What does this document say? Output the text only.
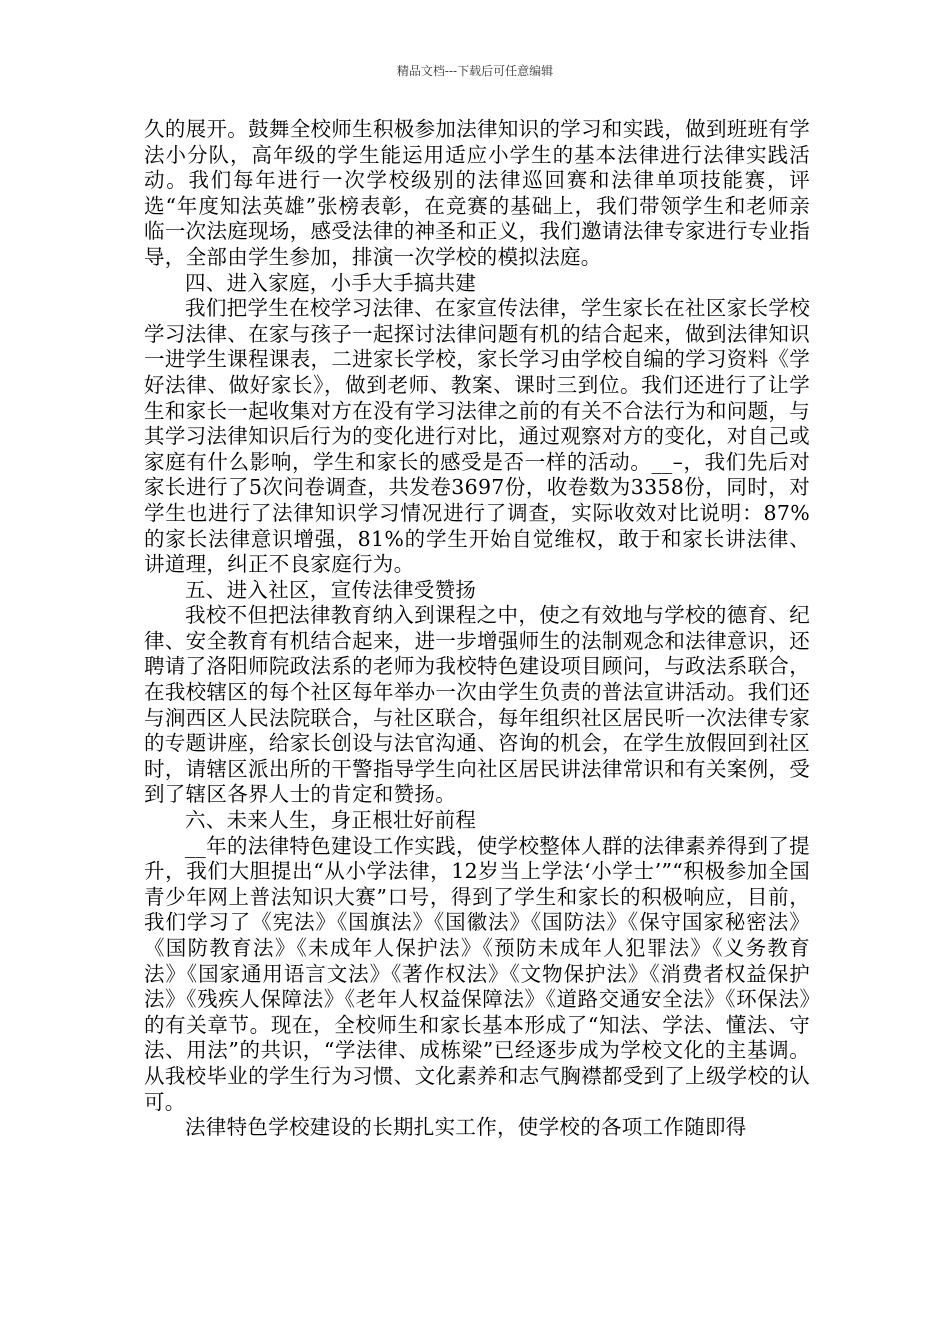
精品文档---下载后可任意编辑

久的展开。鼓舞全校师生积极参加法律知识的学习和实践，做到班班有学法小分队，高年级的学生能运用适应小学生的基本法律进行法律实践活动。我们每年进行一次学校级别的法律巡回赛和法律单项技能赛，评选“年度知法英雄”张榜表彰，在竞赛的基础上，我们带领学生和老师亲临一次法庭现场，感受法律的神圣和正义，我们邀请法律专家进行专业指导，全部由学生参加，排演一次学校的模拟法庭。

四、进入家庭，小手大手搞共建

我们把学生在校学习法律、在家宣传法律，学生家长在社区家长学校学习法律、在家与孩子一起探讨法律问题有机的结合起来，做到法律知识一进学生课程课表，二进家长学校，家长学习由学校自编的学习资料《学好法律、做好家长》，做到老师、教案、课时三到位。我们还进行了让学生和家长一起收集对方在没有学习法律之前的有关不合法行为和问题，与其学习法律知识后行为的变化进行对比，通过观察对方的变化，对自己或家庭有什么影响，学生和家长的感受是否一样的活动。__–，我们先后对家长进行了5次问卷调查，共发卷3697份，收卷数为3358份，同时，对学生也进行了法律知识学习情况进行了调查，实际收效对比说明：87%的家长法律意识增强，81%的学生开始自觉维权，敢于和家长讲法律、讲道理，纠正不良家庭行为。

五、进入社区，宣传法律受赞扬

我校不但把法律教育纳入到课程之中，使之有效地与学校的德育、纪律、安全教育有机结合起来，进一步增强师生的法制观念和法律意识，还聘请了洛阳师院政法系的老师为我校特色建设项目顾问，与政法系联合，在我校辖区的每个社区每年举办一次由学生负责的普法宣讲活动。我们还与涧西区人民法院联合，与社区联合，每年组织社区居民听一次法律专家的专题讲座，给家长创设与法官沟通、咨询的机会，在学生放假回到社区时，请辖区派出所的干警指导学生向社区居民讲法律常识和有关案例，受到了辖区各界人士的肯定和赞扬。

六、未来人生，身正根壮好前程

__年的法律特色建设工作实践，使学校整体人群的法律素养得到了提升，我们大胆提出“从小学法律，12岁当上学法‘小学士’”“积极参加全国青少年网上普法知识大赛”口号，得到了学生和家长的积极响应，目前，我们学习了《宪法》《国旗法》《国徽法》《国防法》《保守国家秘密法》《国防教育法》《未成年人保护法》《预防未成年人犯罪法》《义务教育法》《国家通用语言文法》《著作权法》《文物保护法》《消费者权益保护法》《残疾人保障法》《老年人权益保障法》《道路交通安全法》《环保法》的有关章节。现在，全校师生和家长基本形成了“知法、学法、懂法、守法、用法”的共识，“学法律、成栋梁”已经逐步成为学校文化的主基调。从我校毕业的学生行为习惯、文化素养和志气胸襟都受到了上级学校的认可。

法律特色学校建设的长期扎实工作，使学校的各项工作随即得
